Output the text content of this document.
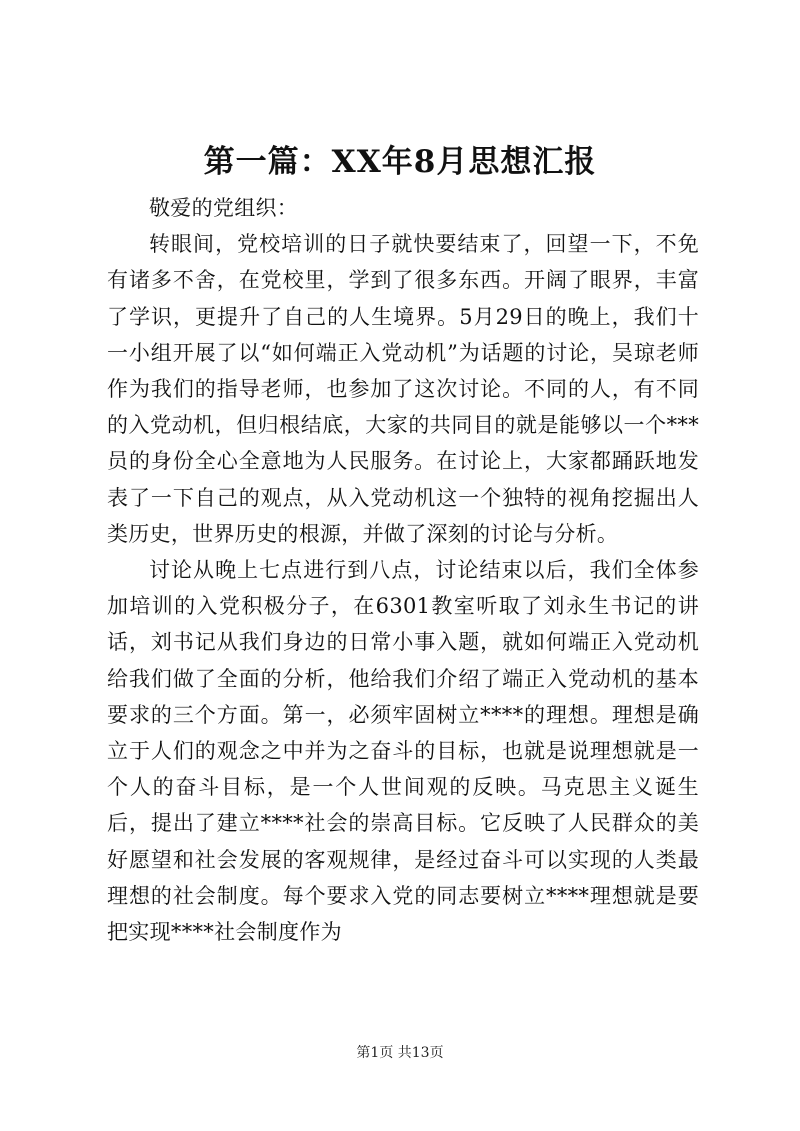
第一篇：XX年8月思想汇报

敬爱的党组织：

转眼间，党校培训的日子就快要结束了，回望一下，不免有诸多不舍，在党校里，学到了很多东西。开阔了眼界，丰富了学识，更提升了自己的人生境界。5月29日的晚上，我们十一小组开展了以“如何端正入党动机”为话题的讨论，吴琼老师作为我们的指导老师，也参加了这次讨论。不同的人，有不同的入党动机，但归根结底，大家的共同目的就是能够以一个***员的身份全心全意地为人民服务。在讨论上，大家都踊跃地发表了一下自己的观点，从入党动机这一个独特的视角挖掘出人类历史，世界历史的根源，并做了深刻的讨论与分析。

讨论从晚上七点进行到八点，讨论结束以后，我们全体参加培训的入党积极分子，在6301教室听取了刘永生书记的讲话，刘书记从我们身边的日常小事入题，就如何端正入党动机给我们做了全面的分析，他给我们介绍了端正入党动机的基本要求的三个方面。第一，必须牢固树立****的理想。理想是确立于人们的观念之中并为之奋斗的目标，也就是说理想就是一个人的奋斗目标，是一个人世间观的反映。马克思主义诞生后，提出了建立****社会的崇高目标。它反映了人民群众的美好愿望和社会发展的客观规律，是经过奋斗可以实现的人类最理想的社会制度。每个要求入党的同志要树立****理想就是要把实现****社会制度作为

第1页 共13页
